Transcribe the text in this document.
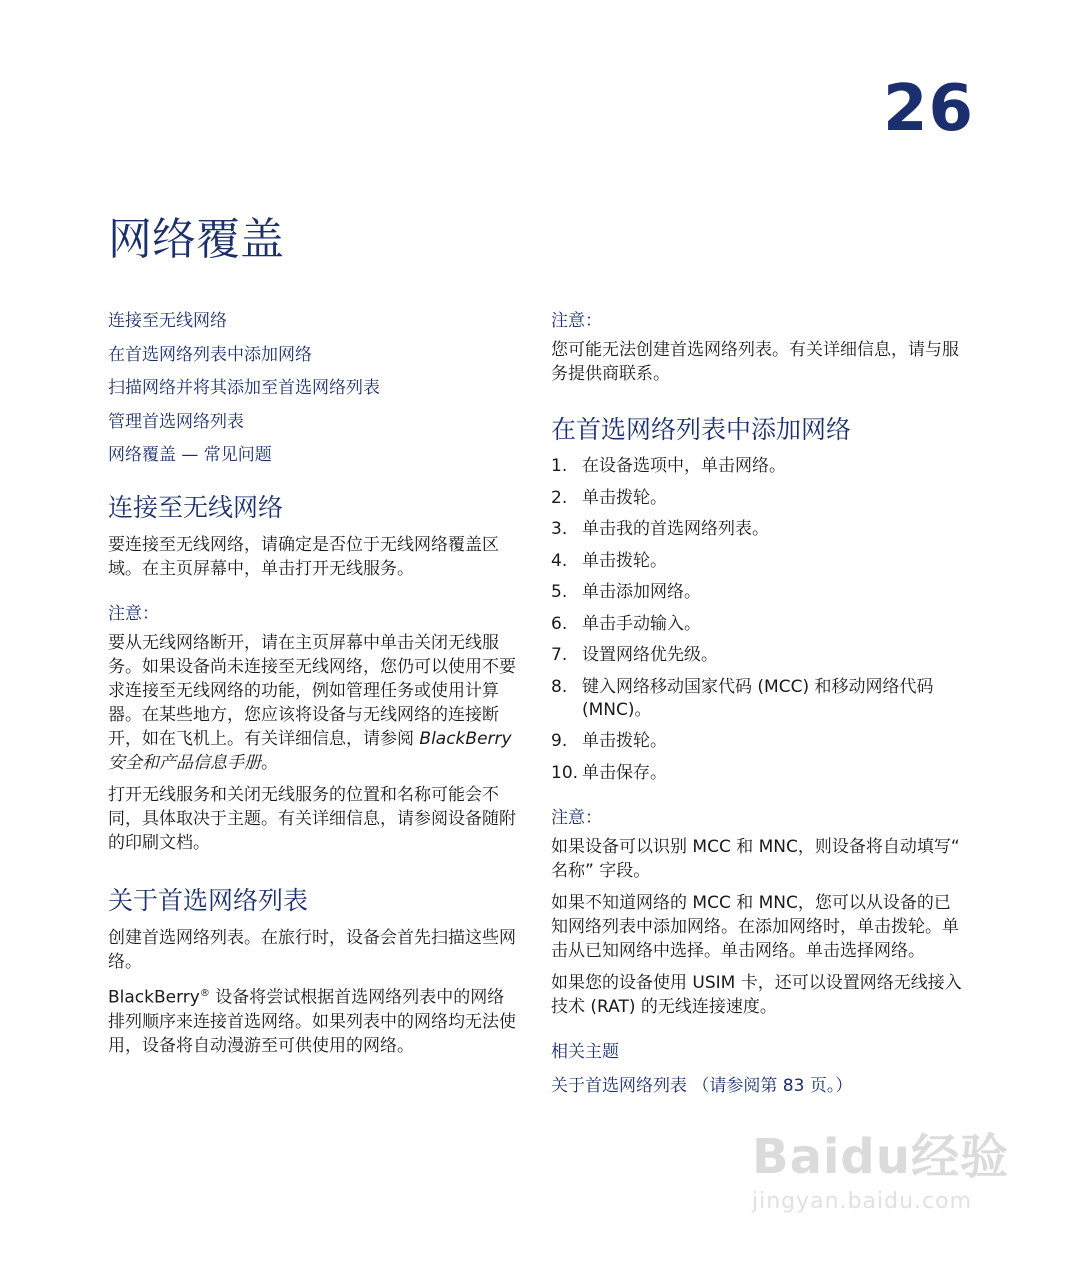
26
网络覆盖
连接至无线网络
在首选网络列表中添加网络
扫描网络并将其添加至首选网络列表
管理首选网络列表
网络覆盖 — 常见问题
连接至无线网络

要连接至无线网络，请确定是否位于无线网络覆盖区域。在主页屏幕中，单击打开无线服务。

注意：

要从无线网络断开，请在主页屏幕中单击关闭无线服务。如果设备尚未连接至无线网络，您仍可以使用不要求连接至无线网络的功能，例如管理任务或使用计算器。在某些地方，您应该将设备与无线网络的连接断开，如在飞机上。有关详细信息，请参阅 BlackBerry 安全和产品信息手册。

打开无线服务和关闭无线服务的位置和名称可能会不同，具体取决于主题。有关详细信息，请参阅设备随附的印刷文档。

关于首选网络列表

创建首选网络列表。在旅行时，设备会首先扫描这些网络。

BlackBerry® 设备将尝试根据首选网络列表中的网络排列顺序来连接首选网络。如果列表中的网络均无法使用，设备将自动漫游至可供使用的网络。

注意：

您可能无法创建首选网络列表。有关详细信息，请与服务提供商联系。

在首选网络列表中添加网络
1. 在设备选项中，单击网络。
2. 单击拨轮。
3. 单击我的首选网络列表。
4. 单击拨轮。
5. 单击添加网络。
6. 单击手动输入。
7. 设置网络优先级。
8. 键入网络移动国家代码 (MCC) 和移动网络代码 (MNC)。
9. 单击拨轮。
10. 单击保存。

注意：

如果设备可以识别 MCC 和 MNC，则设备将自动填写“ 名称” 字段。

如果不知道网络的 MCC 和 MNC，您可以从设备的已知网络列表中添加网络。在添加网络时，单击拨轮。单击从已知网络中选择。单击网络。单击选择网络。

如果您的设备使用 USIM 卡，还可以设置网络无线接入技术 (RAT) 的无线连接速度。

相关主题

关于首选网络列表 （请参阅第 83 页。）
Baidu经验
jingyan.baidu.com
